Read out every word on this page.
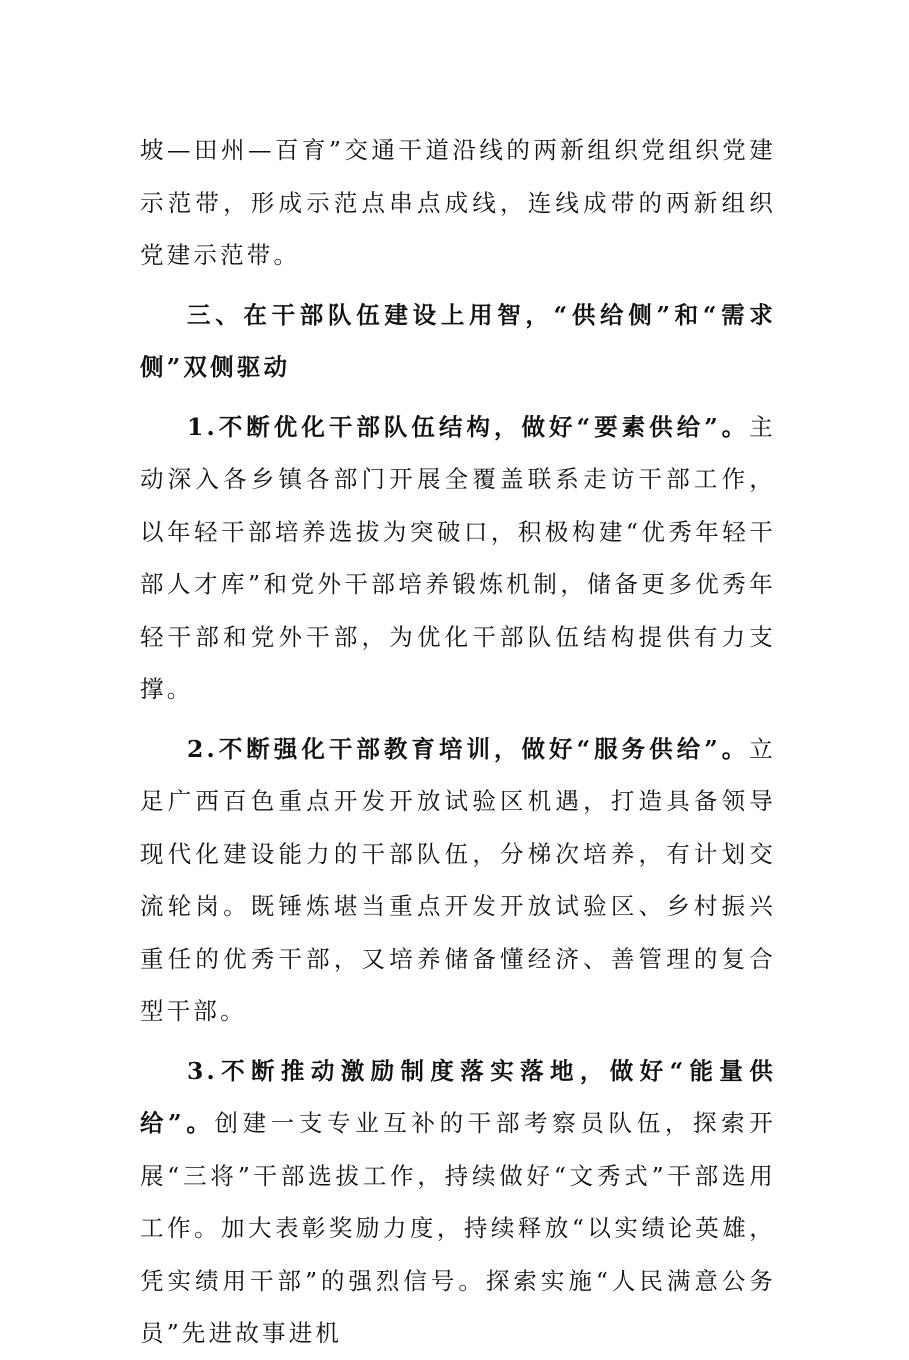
坡—田州—百育”交通干道沿线的两新组织党组织党建示范带，形成示范点串点成线，连线成带的两新组织党建示范带。

三、在干部队伍建设上用智，“供给侧”和“需求侧”双侧驱动

1.不断优化干部队伍结构，做好“要素供给”。主动深入各乡镇各部门开展全覆盖联系走访干部工作，以年轻干部培养选拔为突破口，积极构建“优秀年轻干部人才库”和党外干部培养锻炼机制，储备更多优秀年轻干部和党外干部，为优化干部队伍结构提供有力支撑。

2.不断强化干部教育培训，做好“服务供给”。立足广西百色重点开发开放试验区机遇，打造具备领导现代化建设能力的干部队伍，分梯次培养，有计划交流轮岗。既锤炼堪当重点开发开放试验区、乡村振兴重任的优秀干部，又培养储备懂经济、善管理的复合型干部。

3.不断推动激励制度落实落地，做好“能量供给”。创建一支专业互补的干部考察员队伍，探索开展“三将”干部选拔工作，持续做好“文秀式”干部选用工作。加大表彰奖励力度，持续释放“以实绩论英雄，凭实绩用干部”的强烈信号。探索实施“人民满意公务员”先进故事进机
